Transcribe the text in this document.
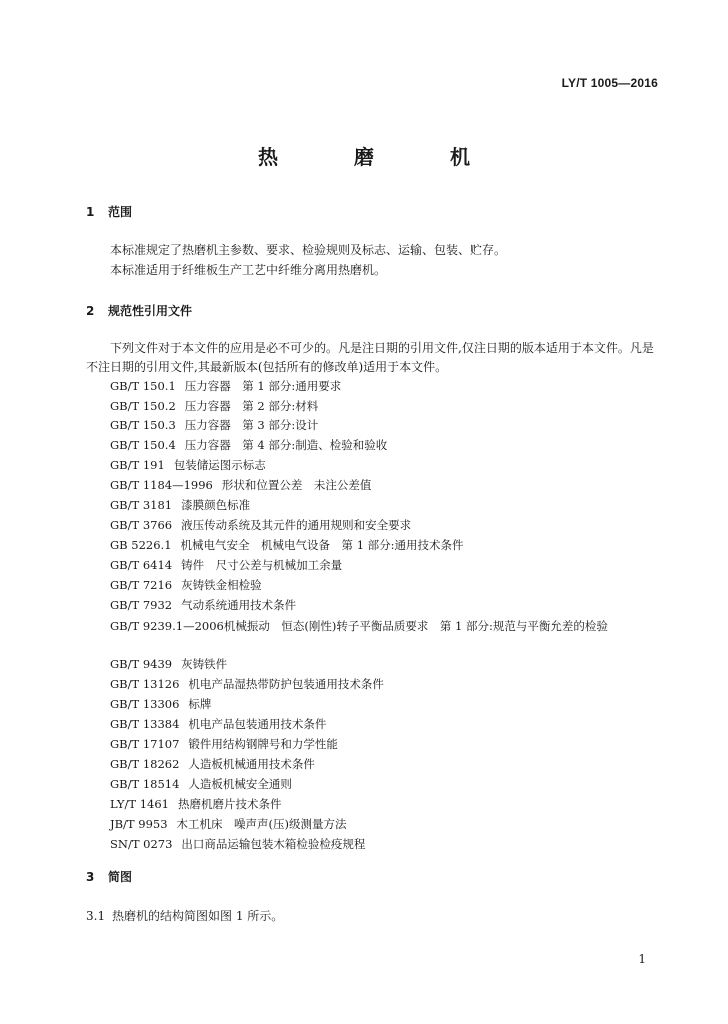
LY/T 1005—2016
热　磨　机
1 范围
本标准规定了热磨机主参数、要求、检验规则及标志、运输、包装、贮存。
本标准适用于纤维板生产工艺中纤维分离用热磨机。
2 规范性引用文件
下列文件对于本文件的应用是必不可少的。凡是注日期的引用文件,仅注日期的版本适用于本文件。凡是不注日期的引用文件,其最新版本(包括所有的修改单)适用于本文件。
GB/T 150.1 压力容器　第 1 部分:通用要求
GB/T 150.2 压力容器　第 2 部分:材料
GB/T 150.3 压力容器　第 3 部分:设计
GB/T 150.4 压力容器　第 4 部分:制造、检验和验收
GB/T 191 包装储运图示标志
GB/T 1184—1996 形状和位置公差　未注公差值
GB/T 3181 漆膜颜色标准
GB/T 3766 液压传动系统及其元件的通用规则和安全要求
GB 5226.1 机械电气安全　机械电气设备　第 1 部分:通用技术条件
GB/T 6414 铸件　尺寸公差与机械加工余量
GB/T 7216 灰铸铁金相检验
GB/T 7932 气动系统通用技术条件
GB/T 9239.1—2006机械振动　恒态(刚性)转子平衡品质要求　第 1 部分:规范与平衡允差的检验
GB/T 9439 灰铸铁件
GB/T 13126 机电产品湿热带防护包装通用技术条件
GB/T 13306 标牌
GB/T 13384 机电产品包装通用技术条件
GB/T 17107 锻件用结构钢牌号和力学性能
GB/T 18262 人造板机械通用技术条件
GB/T 18514 人造板机械安全通则
LY/T 1461 热磨机磨片技术条件
JB/T 9953 木工机床　噪声声(压)级测量方法
SN/T 0273 出口商品运输包装木箱检验检疫规程
3 简图
3.1 热磨机的结构简图如图 1 所示。
1
